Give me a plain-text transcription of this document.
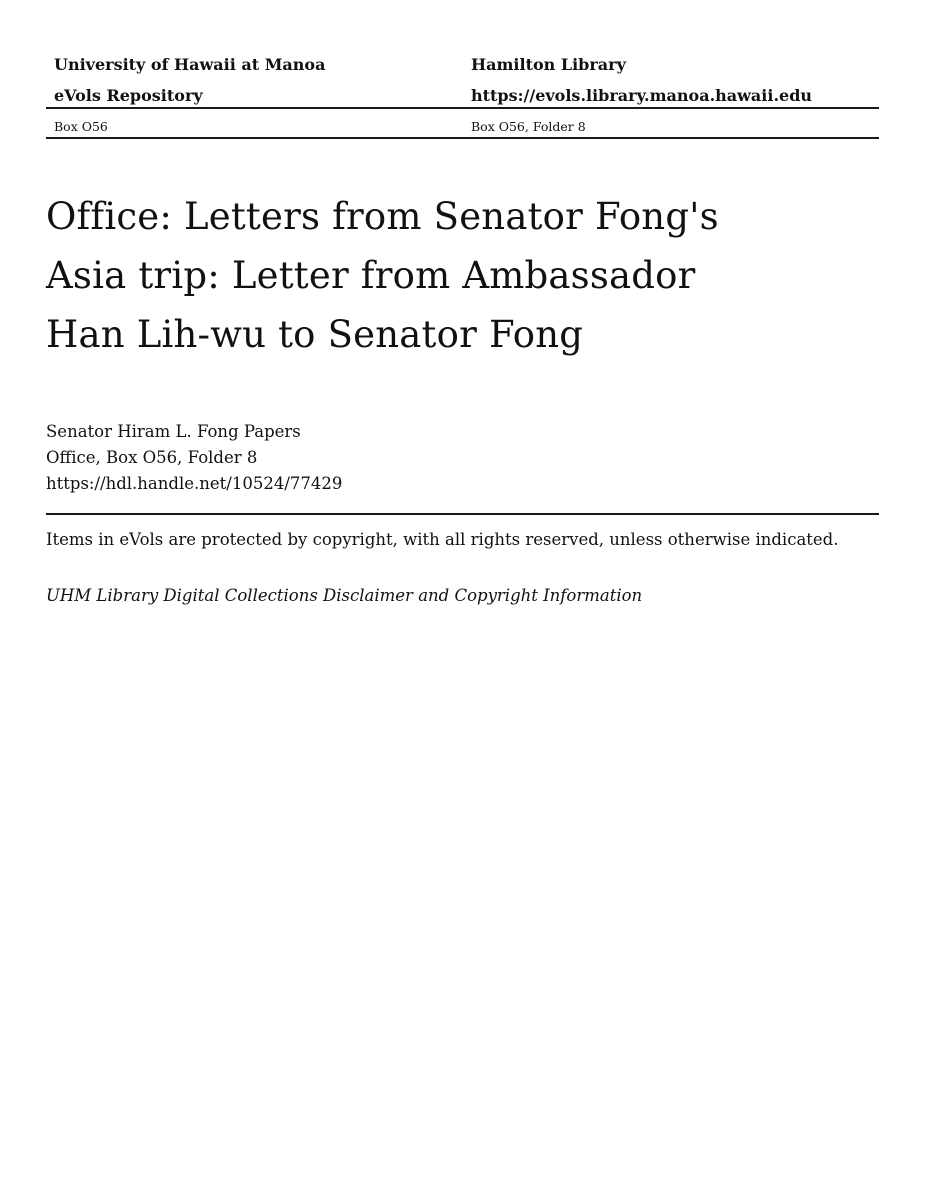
University of Hawaii at Manoa	Hamilton Library
eVols Repository	https://evols.library.manoa.hawaii.edu
Box O56	Box O56, Folder 8
Office: Letters from Senator Fong's
Asia trip: Letter from Ambassador
Han Lih-wu to Senator Fong
Senator Hiram L. Fong Papers
Office, Box O56, Folder 8
https://hdl.handle.net/10524/77429
Items in eVols are protected by copyright, with all rights reserved, unless otherwise indicated.
UHM Library Digital Collections Disclaimer and Copyright Information
